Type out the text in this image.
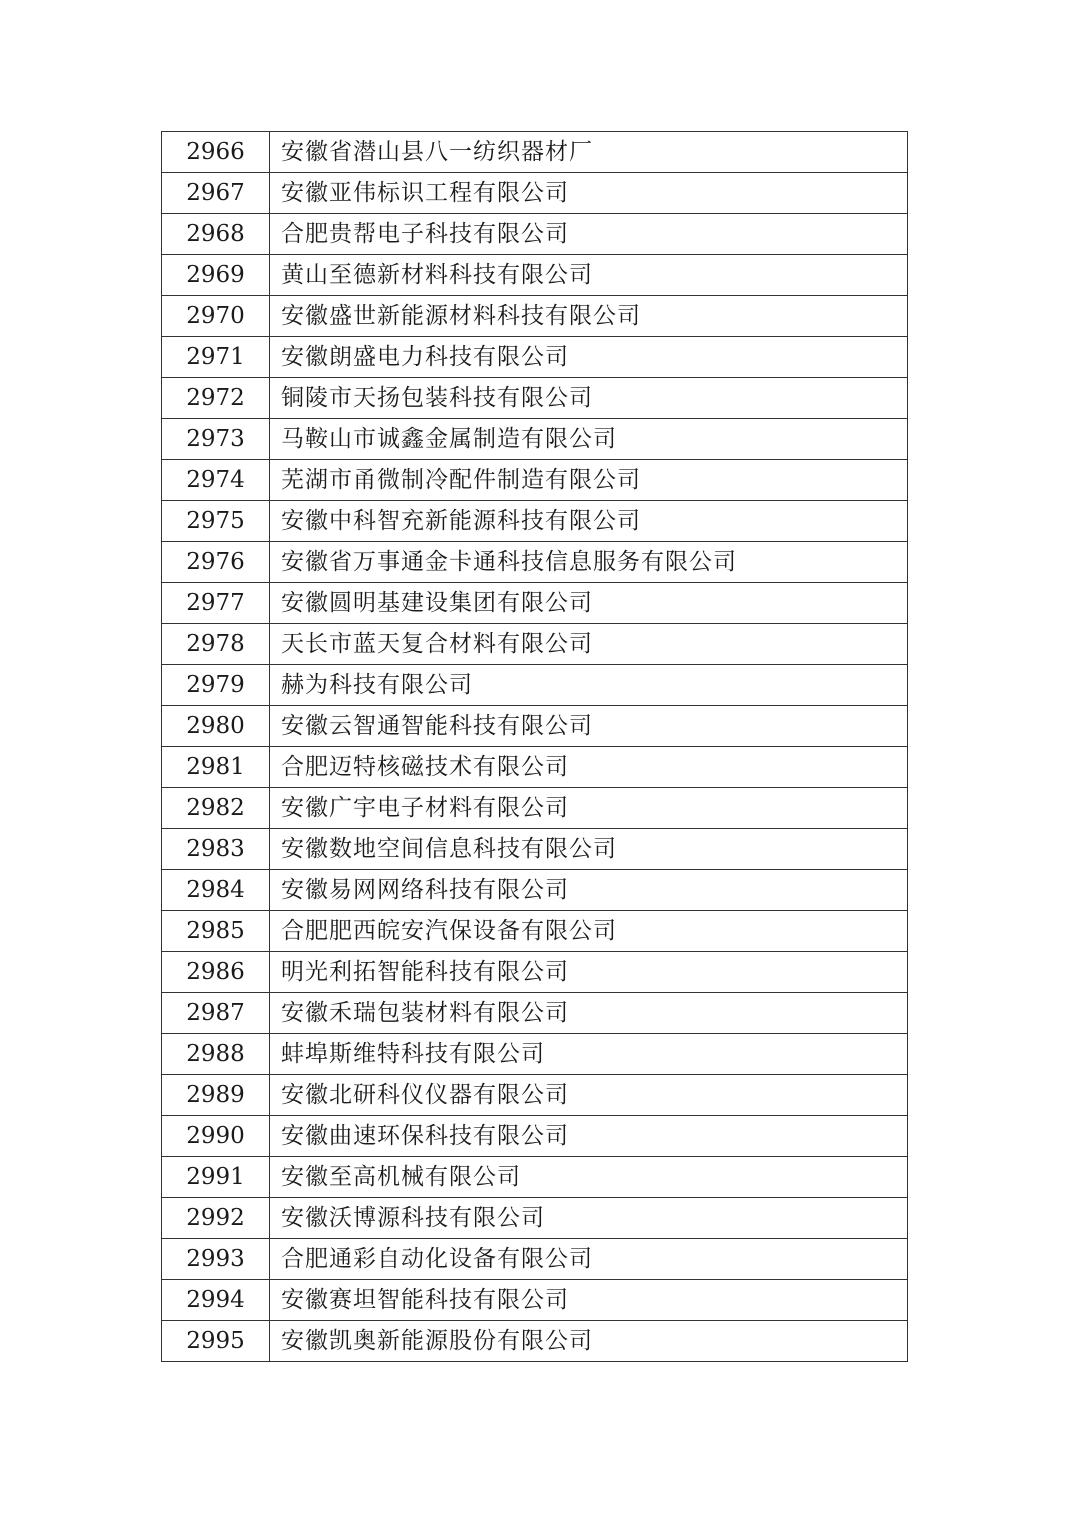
2966	安徽省潜山县八一纺织器材厂
2967	安徽亚伟标识工程有限公司
2968	合肥贵帮电子科技有限公司
2969	黄山至德新材料科技有限公司
2970	安徽盛世新能源材料科技有限公司
2971	安徽朗盛电力科技有限公司
2972	铜陵市天扬包装科技有限公司
2973	马鞍山市诚鑫金属制造有限公司
2974	芜湖市甬微制冷配件制造有限公司
2975	安徽中科智充新能源科技有限公司
2976	安徽省万事通金卡通科技信息服务有限公司
2977	安徽圆明基建设集团有限公司
2978	天长市蓝天复合材料有限公司
2979	赫为科技有限公司
2980	安徽云智通智能科技有限公司
2981	合肥迈特核磁技术有限公司
2982	安徽广宇电子材料有限公司
2983	安徽数地空间信息科技有限公司
2984	安徽易网网络科技有限公司
2985	合肥肥西皖安汽保设备有限公司
2986	明光利拓智能科技有限公司
2987	安徽禾瑞包装材料有限公司
2988	蚌埠斯维特科技有限公司
2989	安徽北研科仪仪器有限公司
2990	安徽曲速环保科技有限公司
2991	安徽至高机械有限公司
2992	安徽沃博源科技有限公司
2993	合肥通彩自动化设备有限公司
2994	安徽赛坦智能科技有限公司
2995	安徽凯奥新能源股份有限公司
